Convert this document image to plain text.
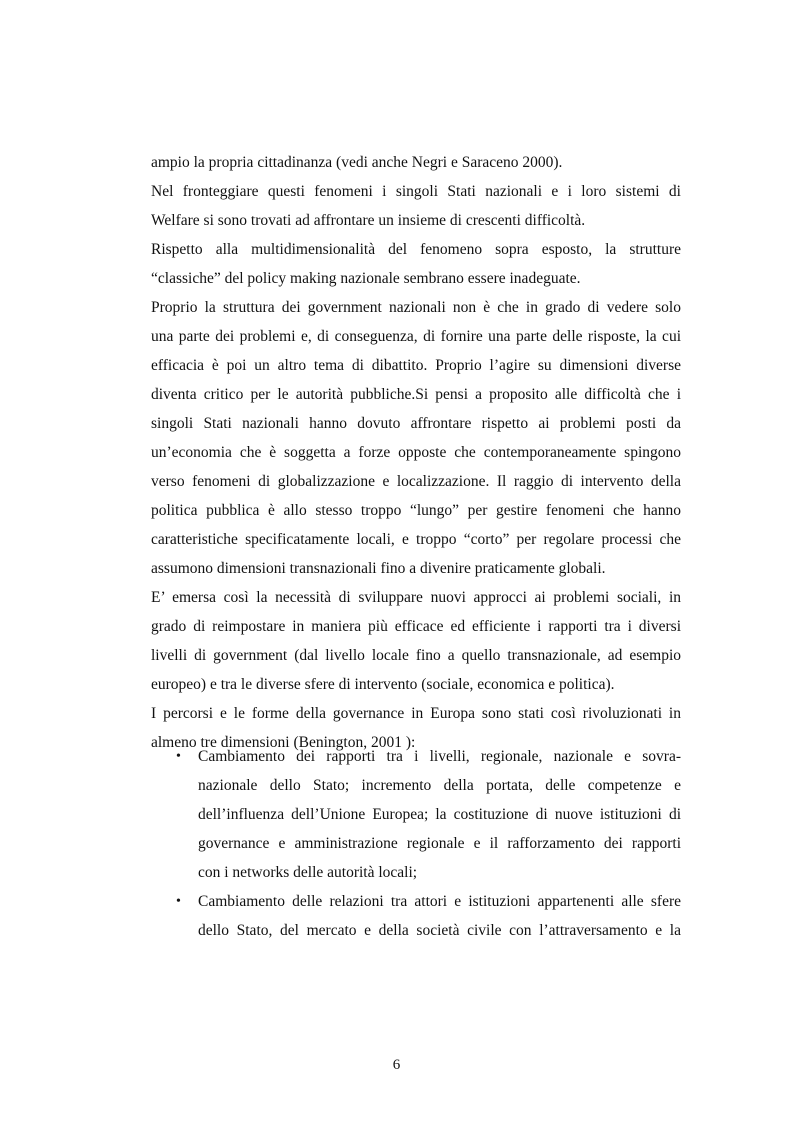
ampio la propria cittadinanza (vedi anche Negri e Saraceno 2000).
Nel fronteggiare questi fenomeni i singoli Stati nazionali e i loro sistemi di
Welfare si sono trovati ad affrontare un insieme di crescenti difficoltà.
Rispetto alla multidimensionalità del fenomeno sopra esposto, la strutture
“classiche” del policy making nazionale sembrano essere inadeguate.
Proprio la struttura dei government nazionali non è che in grado di vedere solo
una parte dei problemi e, di conseguenza, di fornire una parte delle risposte, la cui
efficacia è poi un altro tema di dibattito. Proprio l’agire su dimensioni diverse
diventa critico per le autorità pubbliche.Si pensi a proposito alle difficoltà che i
singoli Stati nazionali hanno dovuto affrontare rispetto ai problemi posti da
un’economia che è soggetta a forze opposte che contemporaneamente spingono
verso fenomeni di globalizzazione e localizzazione. Il raggio di intervento della
politica pubblica è allo stesso troppo “lungo” per gestire fenomeni che hanno
caratteristiche specificatamente locali, e troppo “corto” per regolare processi che
assumono dimensioni transnazionali fino a divenire praticamente globali.
E’ emersa così la necessità di sviluppare nuovi approcci ai problemi sociali, in
grado di reimpostare in maniera più efficace ed efficiente i rapporti tra i diversi
livelli di government (dal livello locale fino a quello transnazionale, ad esempio
europeo) e tra le diverse sfere di intervento (sociale, economica e politica).
I percorsi e le forme della governance in Europa sono stati così rivoluzionati in
almeno tre dimensioni (Benington, 2001 ):
• Cambiamento dei rapporti tra i livelli, regionale, nazionale e sovra-
nazionale dello Stato; incremento della portata, delle competenze e
dell’influenza dell’Unione Europea; la costituzione di nuove istituzioni di
governance e amministrazione regionale e il rafforzamento dei rapporti
con i networks delle autorità locali;
• Cambiamento delle relazioni tra attori e istituzioni appartenenti alle sfere
dello Stato, del mercato e della società civile con l’attraversamento e la
6
